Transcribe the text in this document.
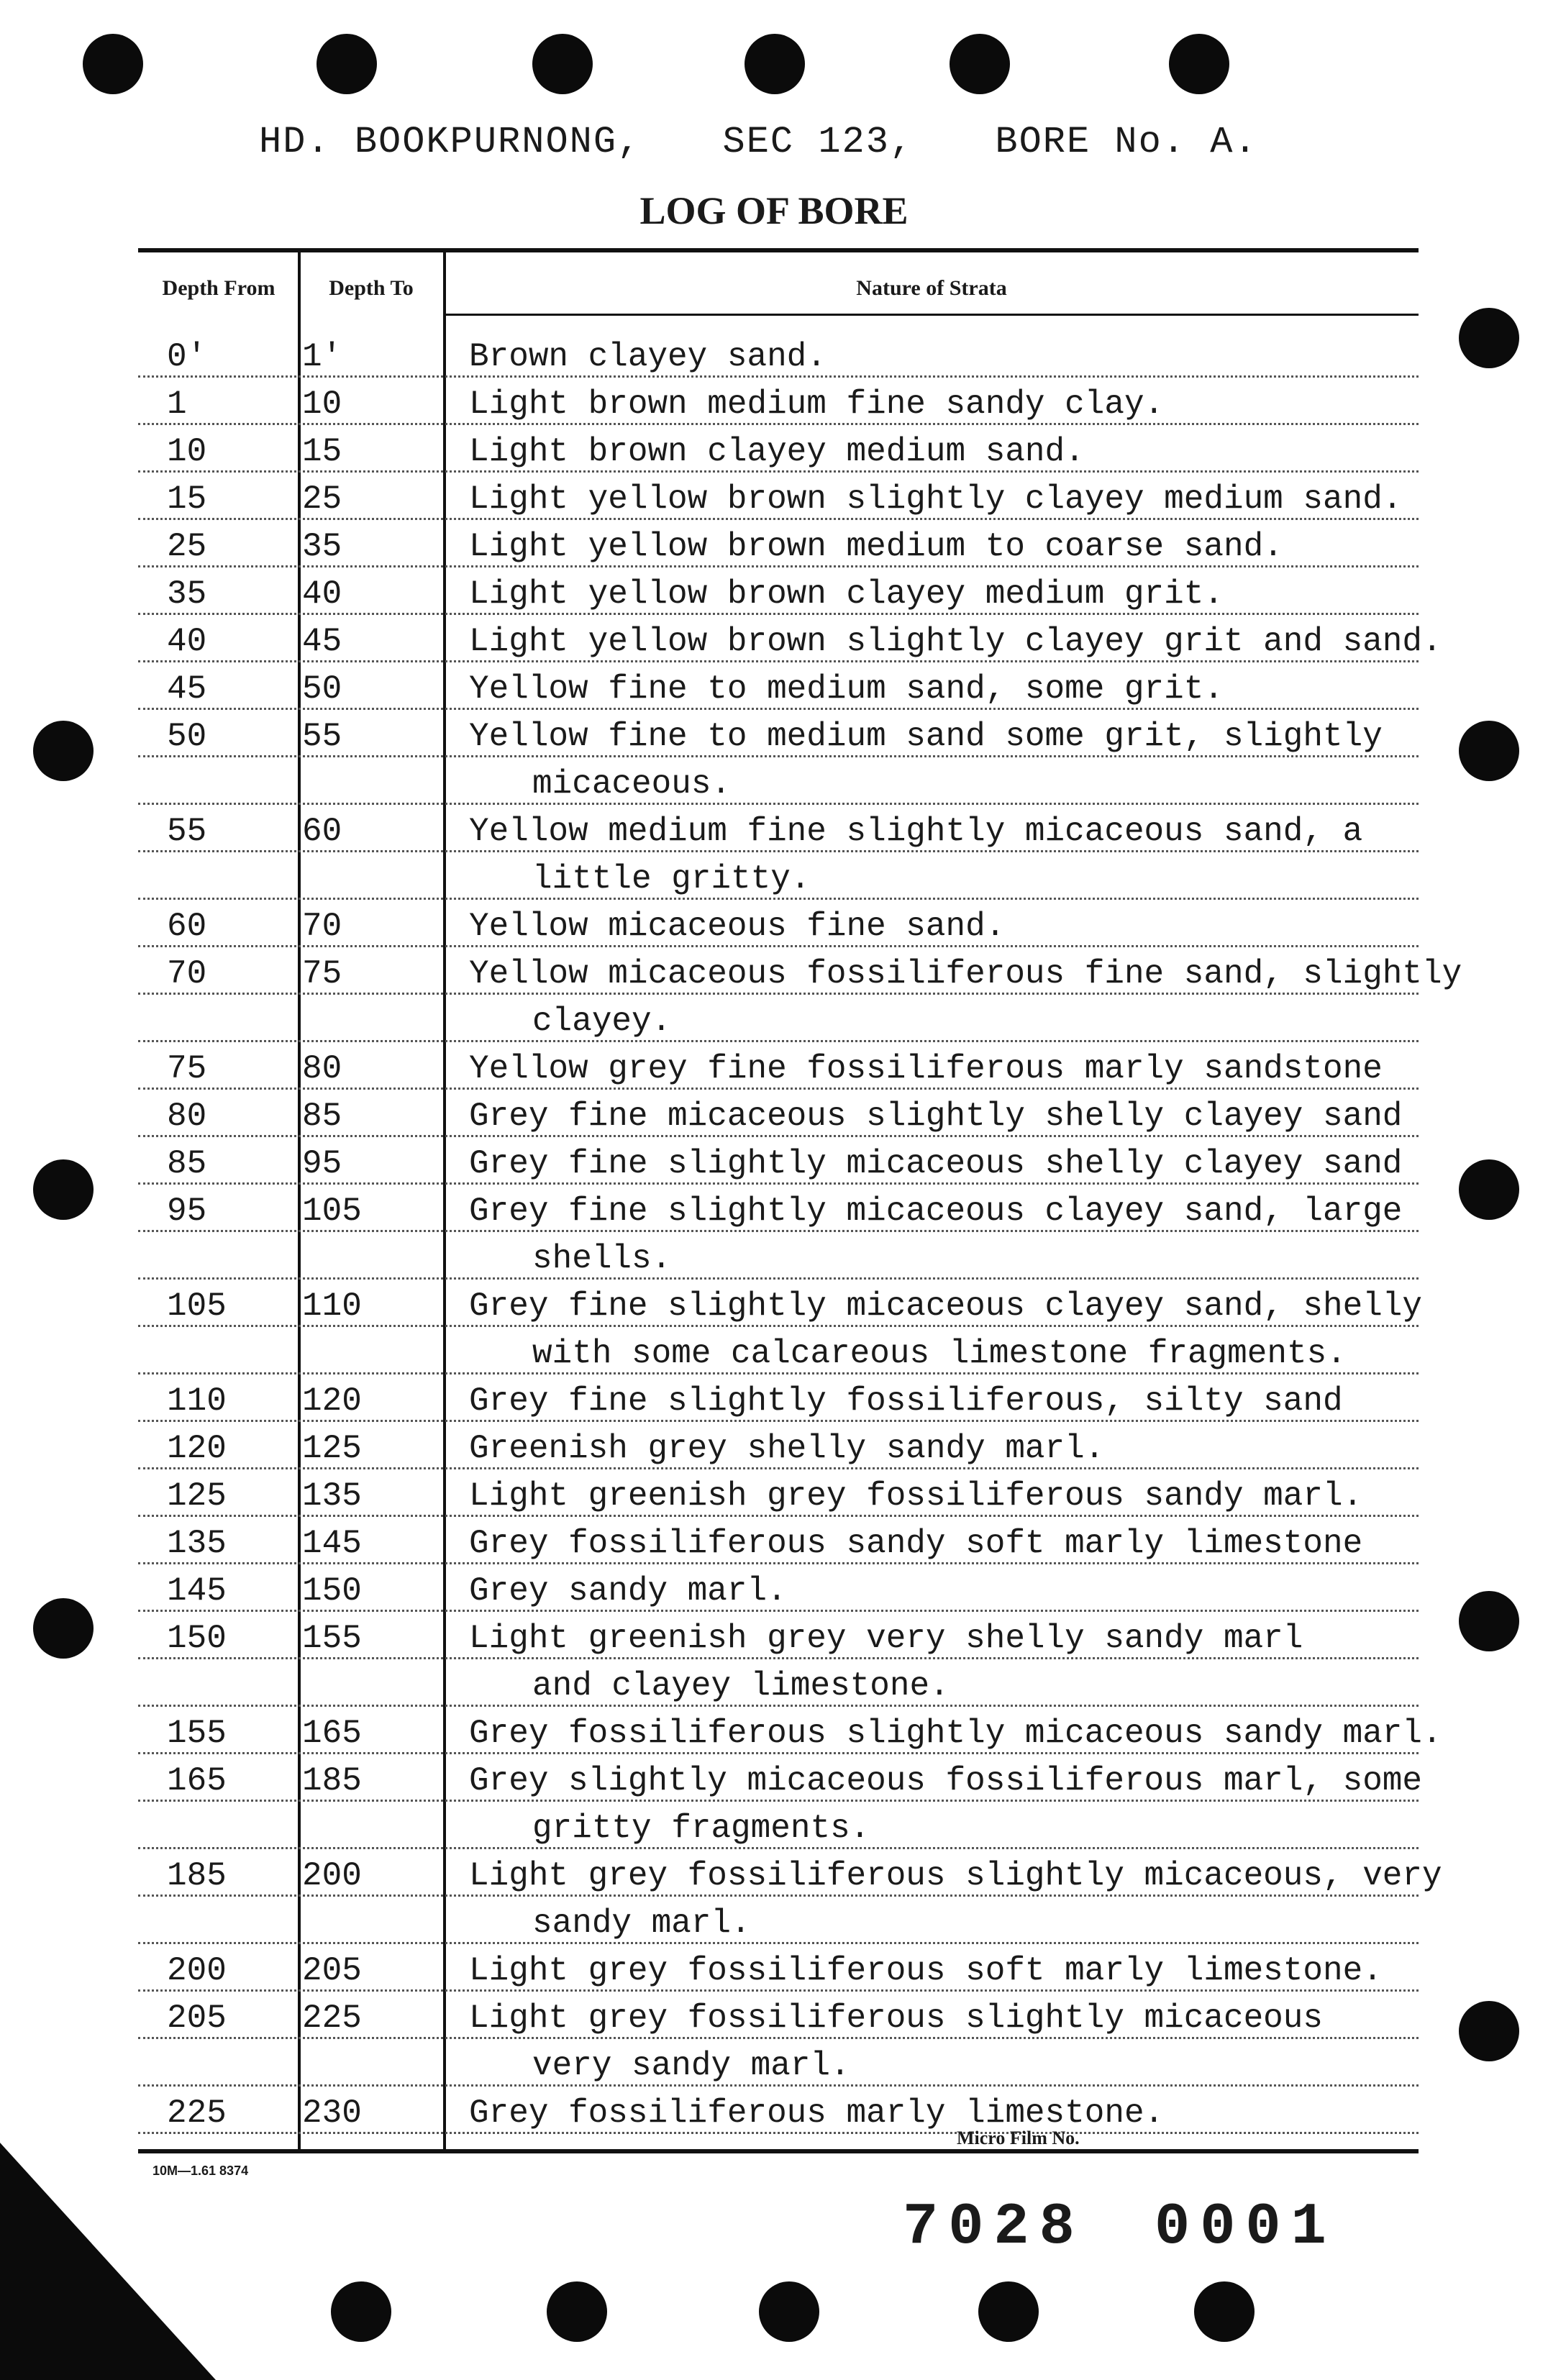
HD. BOOKPURNONG, SEC 123, BORE No. A.
LOG OF BORE
Depth From	Depth To	Nature of Strata
0'	1'	Brown clayey sand.
1	10	Light brown medium fine sandy clay.
10	15	Light brown clayey medium sand.
15	25	Light yellow brown slightly clayey medium sand.
25	35	Light yellow brown medium to coarse sand.
35	40	Light yellow brown clayey medium grit.
40	45	Light yellow brown slightly clayey grit and sand.
45	50	Yellow fine to medium sand, some grit.
50	55	Yellow fine to medium sand some grit, slightly
micaceous.
55	60	Yellow medium fine slightly micaceous sand, a
little gritty.
60	70	Yellow micaceous fine sand.
70	75	Yellow micaceous fossiliferous fine sand, slightly
clayey.
75	80	Yellow grey fine fossiliferous marly sandstone
80	85	Grey fine micaceous slightly shelly clayey sand
85	95	Grey fine slightly micaceous shelly clayey sand
95	105	Grey fine slightly micaceous clayey sand, large
shells.
105 110	Grey fine slightly micaceous clayey sand, shelly
with some calcareous limestone fragments.
110 120	Grey fine slightly fossiliferous, silty sand
120 125	Greenish grey shelly sandy marl.
125 135	Light greenish grey fossiliferous sandy marl.
135 145	Grey fossiliferous sandy soft marly limestone
145 150	Grey sandy marl.
150 155	Light greenish grey very shelly sandy marl
and clayey limestone.
155 165	Grey fossiliferous slightly micaceous sandy marl.
165 185	Grey slightly micaceous fossiliferous marl, some
gritty fragments.
185 200	Light grey fossiliferous slightly micaceous, very
sandy marl.
200 205	Light grey fossiliferous soft marly limestone.
205 225	Light grey fossiliferous slightly micaceous
very sandy marl.
225 230	Grey fossiliferous marly limestone.
10M—1.61 8374
Micro Film No.
7028 0001
